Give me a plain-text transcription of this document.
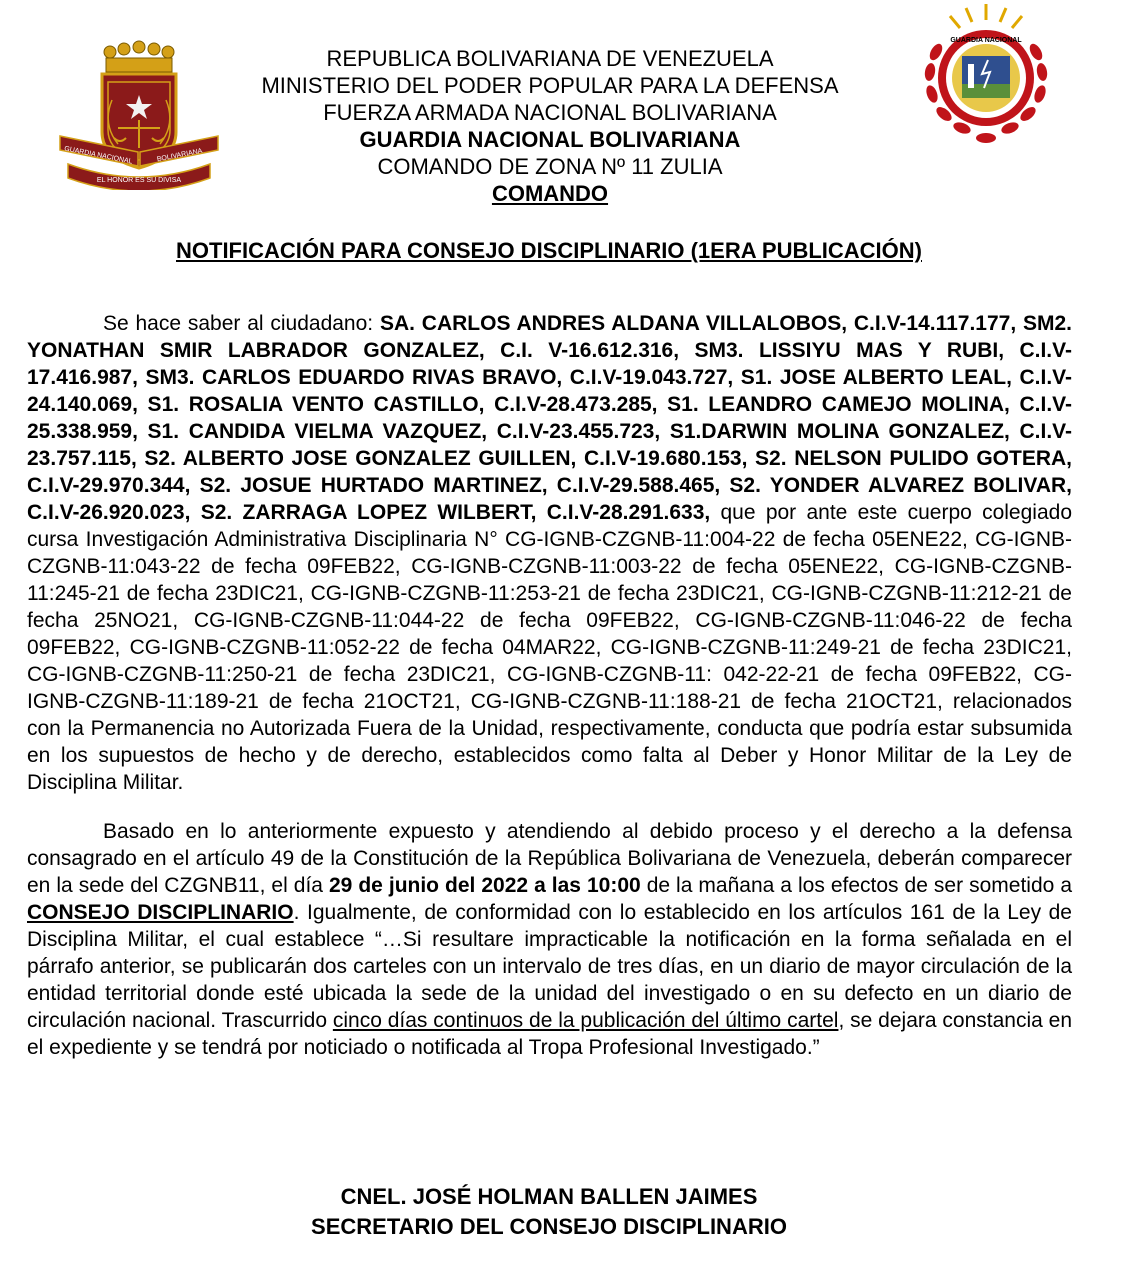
GUARDIA NACIONAL	BOLIVARIANA
EL HONOR ES SU DIVISA
GUARDIA NACIONAL
REPUBLICA BOLIVARIANA DE VENEZUELA
MINISTERIO DEL PODER POPULAR PARA LA DEFENSA
FUERZA ARMADA NACIONAL BOLIVARIANA
GUARDIA NACIONAL BOLIVARIANA
COMANDO DE ZONA Nº 11 ZULIA
COMANDO
NOTIFICACIÓN PARA CONSEJO DISCIPLINARIO (1ERA PUBLICACIÓN)

Se hace saber al ciudadano: SA. CARLOS ANDRES ALDANA VILLALOBOS, C.I.V-14.117.177, SM2. YONATHAN SMIR LABRADOR GONZALEZ, C.I. V-16.612.316, SM3. LISSIYU MAS Y RUBI, C.I.V-17.416.987, SM3. CARLOS EDUARDO RIVAS BRAVO, C.I.V-19.043.727, S1. JOSE ALBERTO LEAL, C.I.V-24.140.069, S1. ROSALIA VENTO CASTILLO, C.I.V-28.473.285, S1. LEANDRO CAMEJO MOLINA, C.I.V-25.338.959, S1. CANDIDA VIELMA VAZQUEZ, C.I.V-23.455.723, S1.DARWIN MOLINA GONZALEZ, C.I.V-23.757.115, S2. ALBERTO JOSE GONZALEZ GUILLEN, C.I.V-19.680.153, S2. NELSON PULIDO GOTERA, C.I.V-29.970.344, S2. JOSUE HURTADO MARTINEZ, C.I.V-29.588.465, S2. YONDER ALVAREZ BOLIVAR, C.I.V-26.920.023, S2. ZARRAGA LOPEZ WILBERT, C.I.V-28.291.633, que por ante este cuerpo colegiado cursa Investigación Administrativa Disciplinaria N° CG-IGNB-CZGNB-11:004-22 de fecha 05ENE22, CG-IGNB-CZGNB-11:043-22 de fecha 09FEB22, CG-IGNB-CZGNB-11:003-22 de fecha 05ENE22, CG-IGNB-CZGNB-11:245-21 de fecha 23DIC21, CG-IGNB-CZGNB-11:253-21 de fecha 23DIC21, CG-IGNB-CZGNB-11:212-21 de fecha 25NO21, CG-IGNB-CZGNB-11:044-22 de fecha 09FEB22, CG-IGNB-CZGNB-11:046-22 de fecha 09FEB22, CG-IGNB-CZGNB-11:052-22 de fecha 04MAR22, CG-IGNB-CZGNB-11:249-21 de fecha 23DIC21, CG-IGNB-CZGNB-11:250-21 de fecha 23DIC21, CG-IGNB-CZGNB-11: 042-22-21 de fecha 09FEB22, CG-IGNB-CZGNB-11:189-21 de fecha 21OCT21, CG-IGNB-CZGNB-11:188-21 de fecha 21OCT21, relacionados con la Permanencia no Autorizada Fuera de la Unidad, respectivamente, conducta que podría estar subsumida en los supuestos de hecho y de derecho, establecidos como falta al Deber y Honor Militar de la Ley de Disciplina Militar.

Basado en lo anteriormente expuesto y atendiendo al debido proceso y el derecho a la defensa consagrado en el artículo 49 de la Constitución de la República Bolivariana de Venezuela, deberán comparecer en la sede del CZGNB11, el día 29 de junio del 2022 a las 10:00 de la mañana a los efectos de ser sometido a CONSEJO DISCIPLINARIO. Igualmente, de conformidad con lo establecido en los artículos 161 de la Ley de Disciplina Militar, el cual establece “…Si resultare impracticable la notificación en la forma señalada en el párrafo anterior, se publicarán dos carteles con un intervalo de tres días, en un diario de mayor circulación de la entidad territorial donde esté ubicada la sede de la unidad del investigado o en su defecto en un diario de circulación nacional. Trascurrido cinco días continuos de la publicación del último cartel, se dejara constancia en el expediente y se tendrá por noticiado o notificada al Tropa Profesional Investigado.”

CNEL. JOSÉ HOLMAN BALLEN JAIMES
SECRETARIO DEL CONSEJO DISCIPLINARIO
